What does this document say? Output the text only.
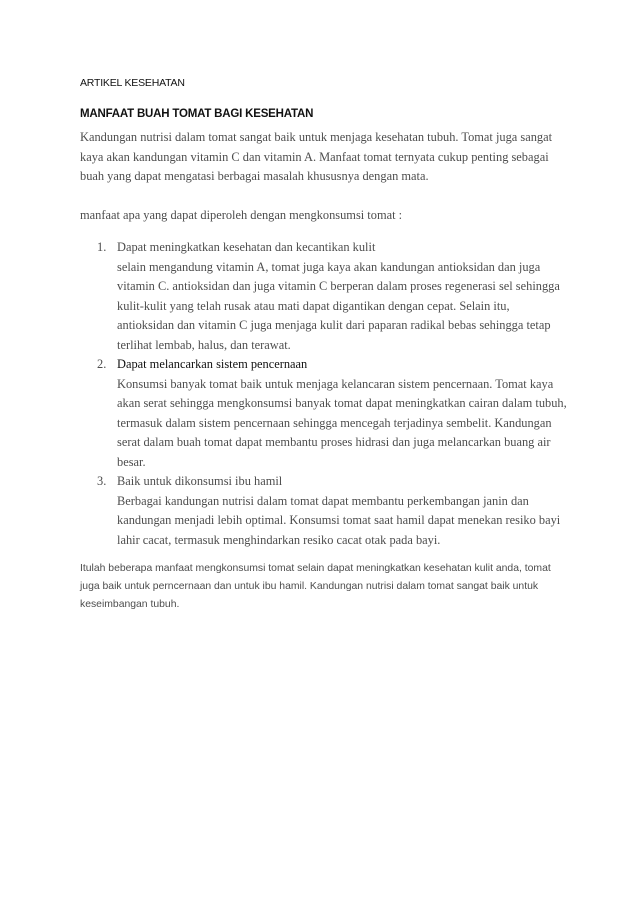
ARTIKEL KESEHATAN
MANFAAT BUAH TOMAT BAGI KESEHATAN

Kandungan nutrisi dalam tomat sangat baik untuk menjaga kesehatan tubuh. Tomat juga sangat kaya akan kandungan vitamin C dan vitamin A. Manfaat tomat ternyata cukup penting sebagai buah yang dapat mengatasi berbagai masalah khususnya dengan mata.

manfaat apa yang dapat diperoleh dengan mengkonsumsi tomat :

1. Dapat meningkatkan kesehatan dan kecantikan kulit
selain mengandung vitamin A, tomat juga kaya akan kandungan antioksidan dan juga vitamin C. antioksidan dan juga vitamin C berperan dalam proses regenerasi sel sehingga kulit-kulit yang telah rusak atau mati dapat digantikan dengan cepat. Selain itu, antioksidan dan vitamin C juga menjaga kulit dari paparan radikal bebas sehingga tetap terlihat lembab, halus, dan terawat.
2. Dapat melancarkan sistem pencernaan
Konsumsi banyak tomat baik untuk menjaga kelancaran sistem pencernaan. Tomat kaya akan serat sehingga mengkonsumsi banyak tomat dapat meningkatkan cairan dalam tubuh, termasuk dalam sistem pencernaan sehingga mencegah terjadinya sembelit. Kandungan serat dalam buah tomat dapat membantu proses hidrasi dan juga melancarkan buang air besar.
3. Baik untuk dikonsumsi ibu hamil
Berbagai kandungan nutrisi dalam tomat dapat membantu perkembangan janin dan kandungan menjadi lebih optimal. Konsumsi tomat saat hamil dapat menekan resiko bayi lahir cacat, termasuk menghindarkan resiko cacat otak pada bayi.

Itulah beberapa manfaat mengkonsumsi tomat selain dapat meningkatkan kesehatan kulit anda, tomat juga baik untuk perncernaan dan untuk ibu hamil. Kandungan nutrisi dalam tomat sangat baik untuk keseimbangan tubuh.
